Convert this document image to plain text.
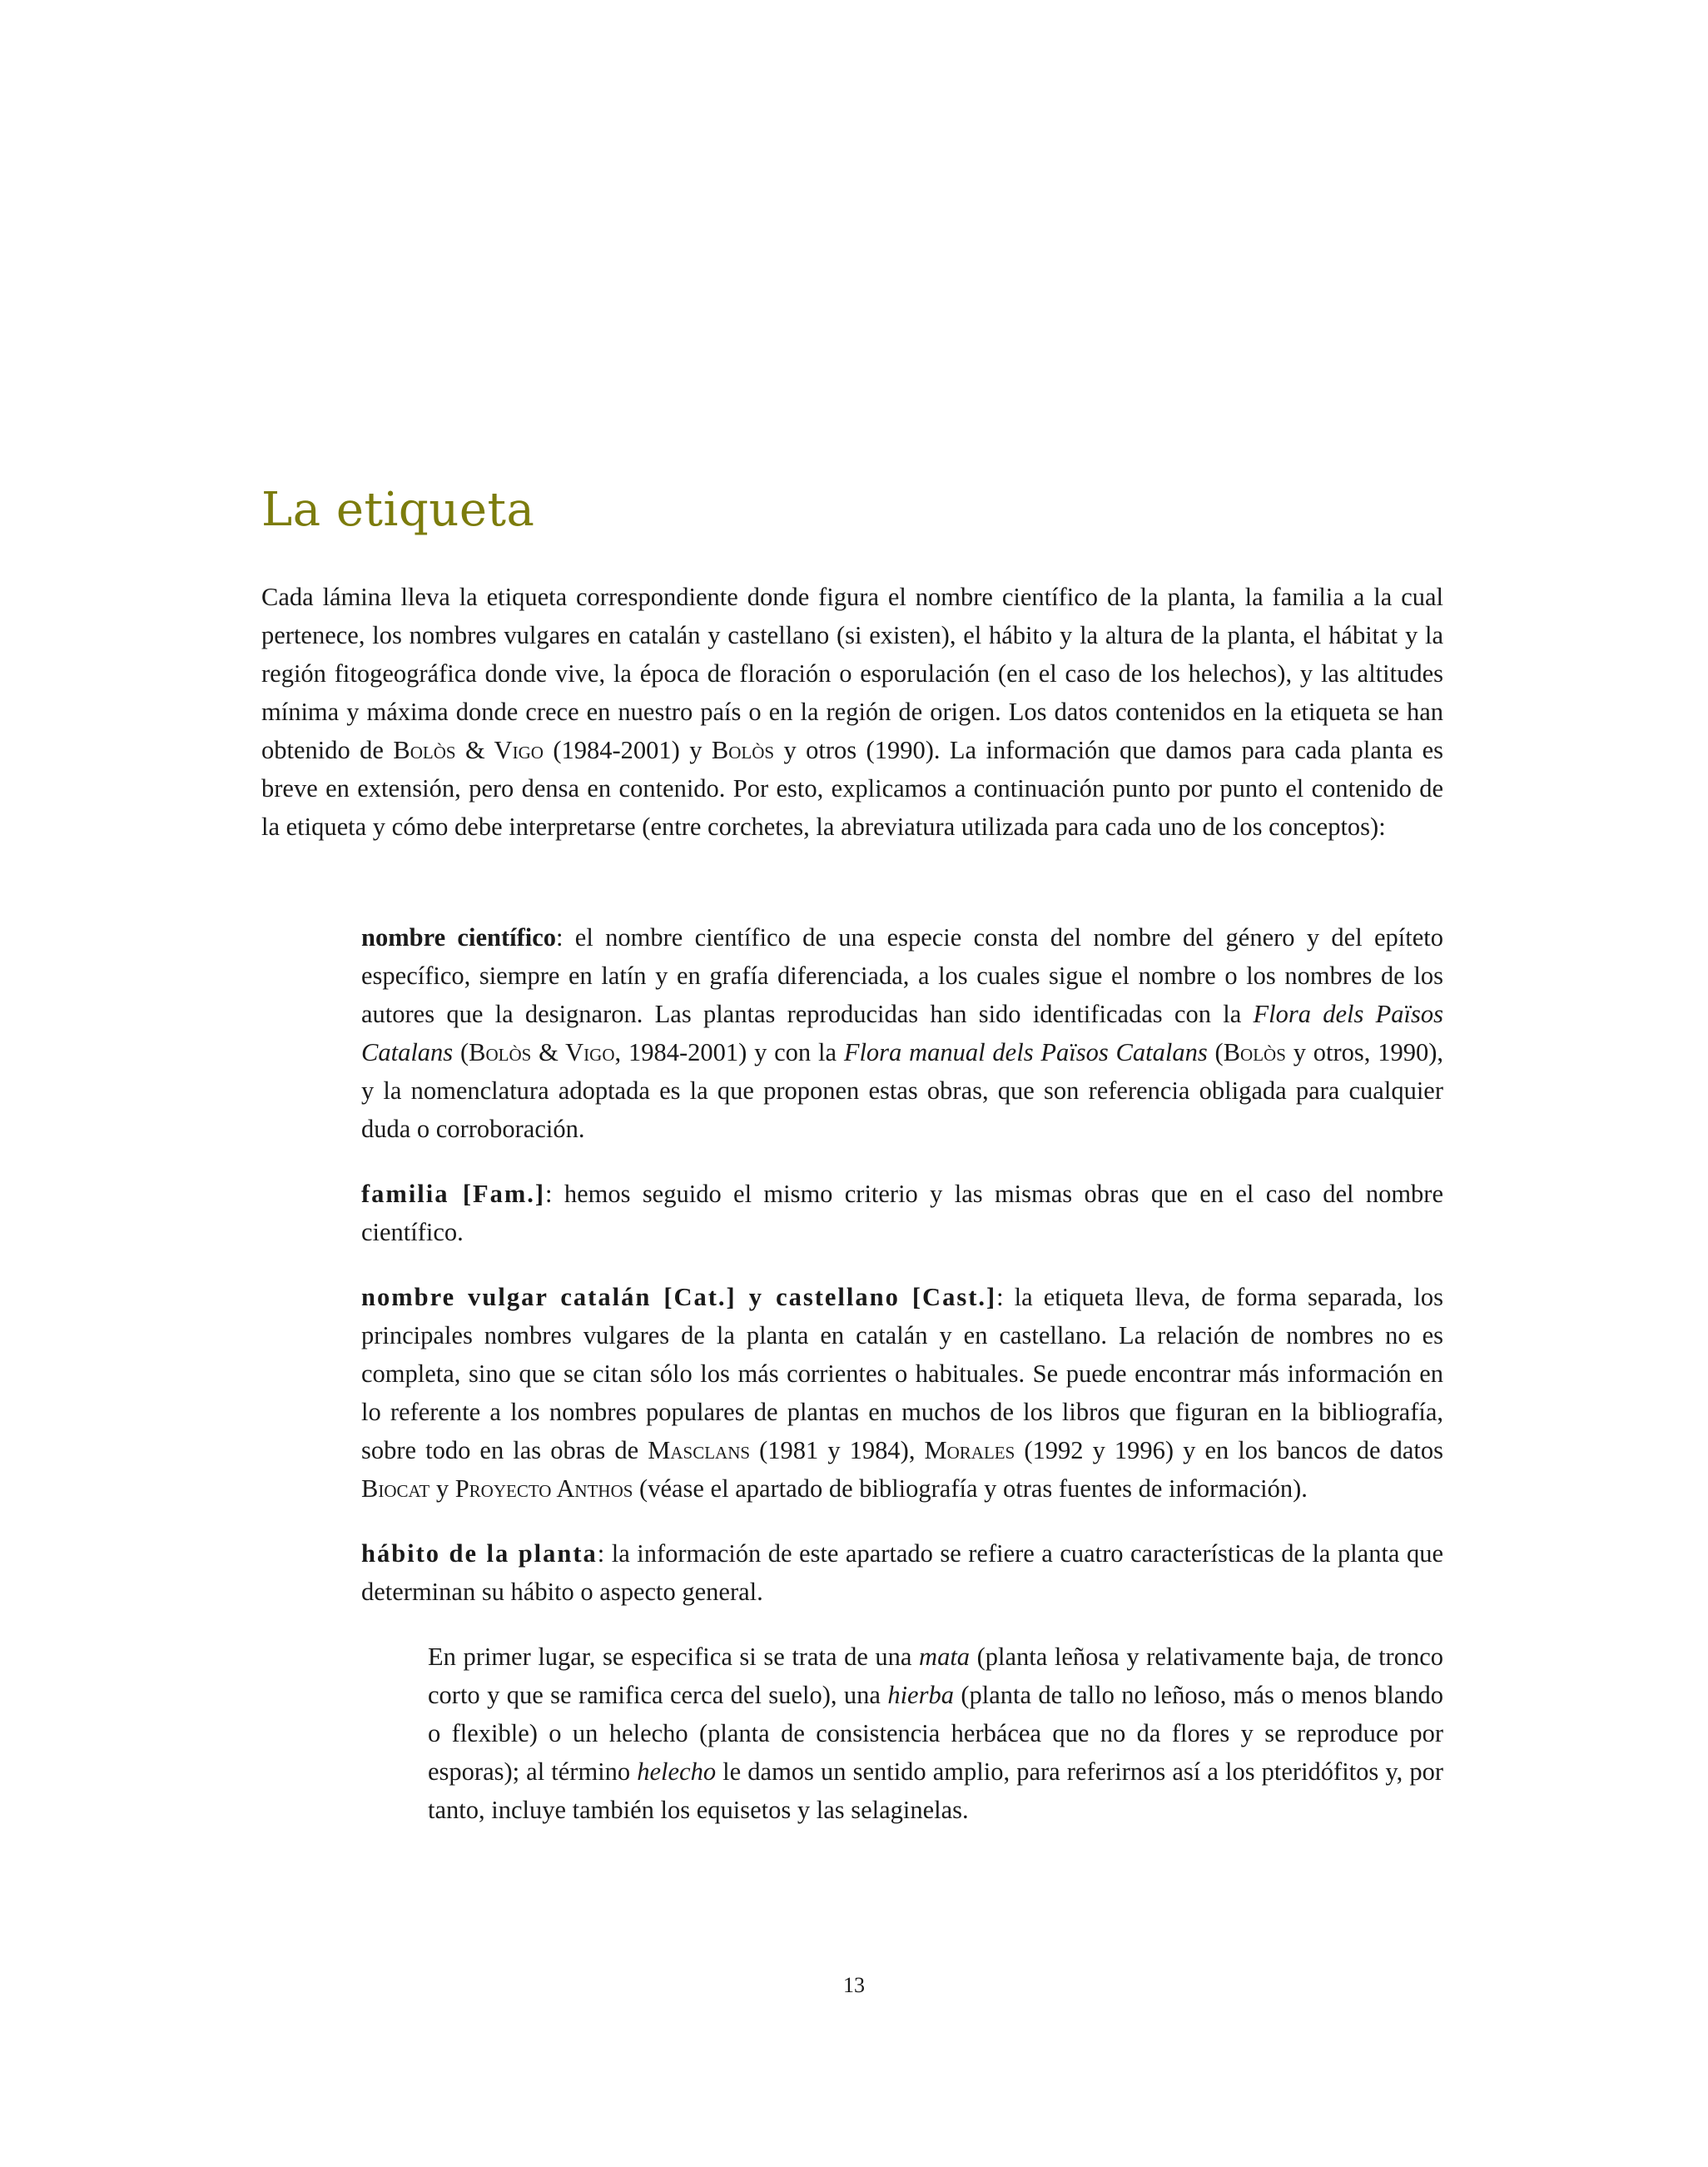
La etiqueta

Cada lámina lleva la etiqueta correspondiente donde figura el nombre científico de la planta, la familia a la cual pertenece, los nombres vulgares en catalán y castellano (si existen), el hábito y la altura de la planta, el hábitat y la región fitogeográfica donde vive, la época de floración o esporulación (en el caso de los helechos), y las altitudes mínima y máxima donde crece en nuestro país o en la región de origen. Los datos contenidos en la etiqueta se han obtenido de Bolòs & Vigo (1984-2001) y Bolòs y otros (1990). La información que damos para cada planta es breve en extensión, pero densa en contenido. Por esto, explicamos a continuación punto por punto el contenido de la etiqueta y cómo debe interpretarse (entre corchetes, la abreviatura utilizada para cada uno de los conceptos):

nombre científico: el nombre científico de una especie consta del nombre del género y del epíteto específico, siempre en latín y en grafía diferenciada, a los cuales sigue el nombre o los nombres de los autores que la designaron. Las plantas reproducidas han sido identificadas con la Flora dels Països Catalans (Bolòs & Vigo, 1984-2001) y con la Flora manual dels Països Catalans (Bolòs y otros, 1990), y la nomenclatura adoptada es la que proponen estas obras, que son referencia obligada para cualquier duda o corroboración.

familia [Fam.]: hemos seguido el mismo criterio y las mismas obras que en el caso del nombre científico.

nombre vulgar catalán [Cat.] y castellano [Cast.]: la etiqueta lleva, de forma separada, los principales nombres vulgares de la planta en catalán y en castellano. La relación de nombres no es completa, sino que se citan sólo los más corrientes o habituales. Se puede encontrar más información en lo referente a los nombres populares de plantas en muchos de los libros que figuran en la bibliografía, sobre todo en las obras de Masclans (1981 y 1984), Morales (1992 y 1996) y en los bancos de datos Biocat y Proyecto Anthos (véase el apartado de bibliografía y otras fuentes de información).

hábito de la planta: la información de este apartado se refiere a cuatro características de la planta que determinan su hábito o aspecto general.

En primer lugar, se especifica si se trata de una mata (planta leñosa y relativamente baja, de tronco corto y que se ramifica cerca del suelo), una hierba (planta de tallo no leñoso, más o menos blando o flexible) o un helecho (planta de consistencia herbácea que no da flores y se reproduce por esporas); al término helecho le damos un sentido amplio, para referirnos así a los pteridófitos y, por tanto, incluye también los equisetos y las selaginelas.

13
